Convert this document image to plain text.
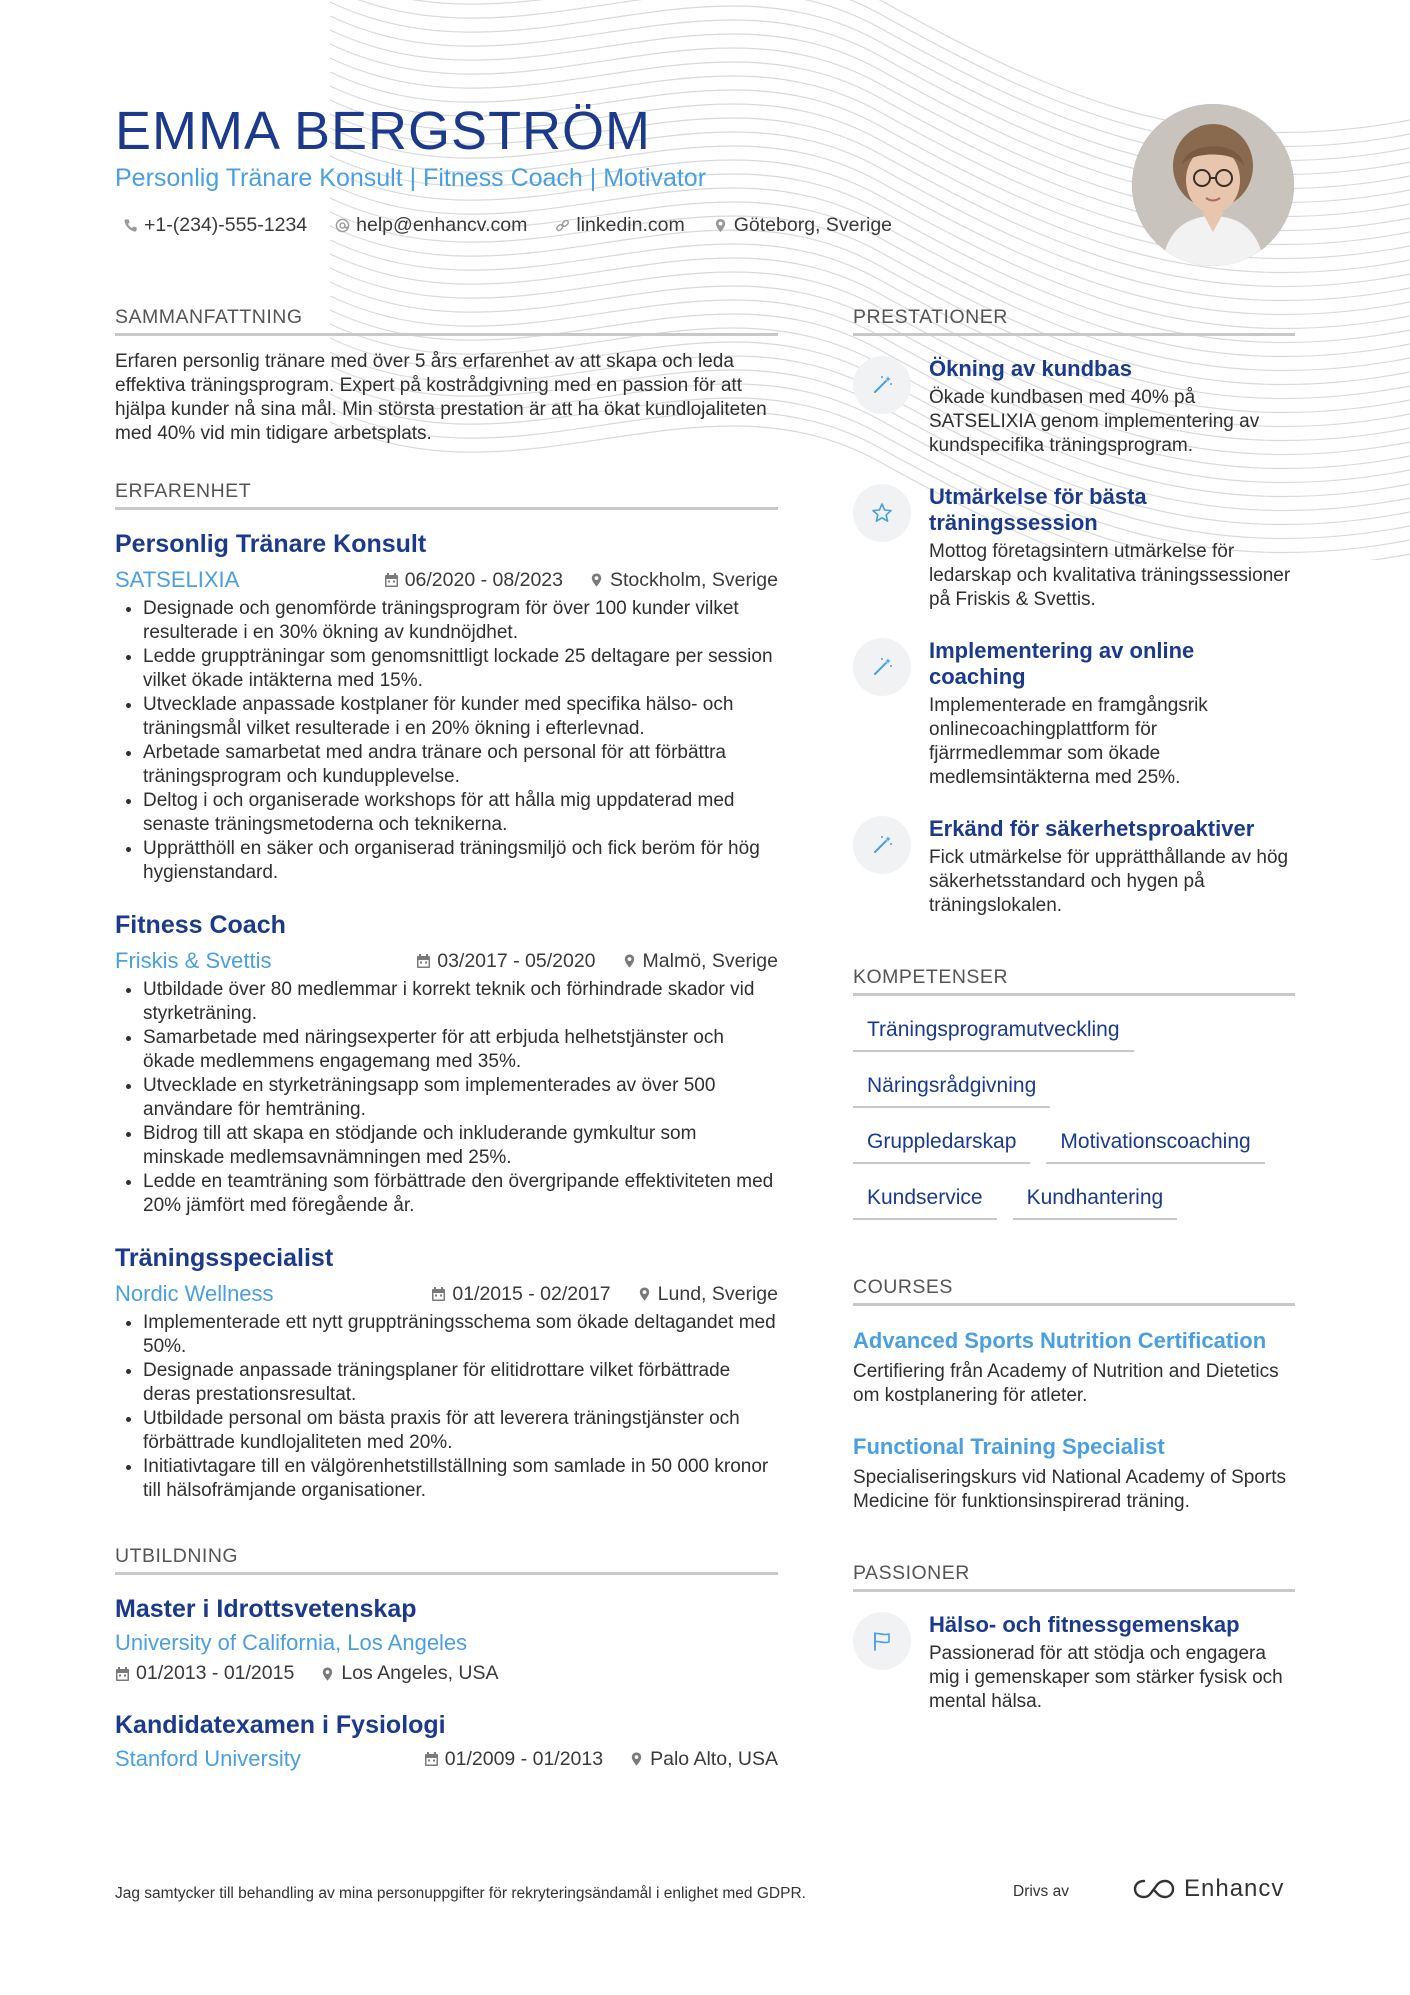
EMMA BERGSTRÖM
Personlig Tränare Konsult | Fitness Coach | Motivator
+1-(234)-555-1234	help@enhancv.com	linkedin.com	Göteborg, Sverige
SAMMANFATTNING

Erfaren personlig tränare med över 5 års erfarenhet av att skapa och leda effektiva träningsprogram. Expert på kostrådgivning med en passion för att hjälpa kunder nå sina mål. Min största prestation är att ha ökat kundlojaliteten med 40% vid min tidigare arbetsplats.

ERFARENHET
Personlig Tränare Konsult
SATSELIXIA	06/2020 - 08/2023 Stockholm, Sverige
• Designade och genomförde träningsprogram för över 100 kunder vilket resulterade i en 30% ökning av kundnöjdhet.
• Ledde gruppträningar som genomsnittligt lockade 25 deltagare per session vilket ökade intäkterna med 15%.
• Utvecklade anpassade kostplaner för kunder med specifika hälso- och träningsmål vilket resulterade i en 20% ökning i efterlevnad.
• Arbetade samarbetat med andra tränare och personal för att förbättra träningsprogram och kundupplevelse.
• Deltog i och organiserade workshops för att hålla mig uppdaterad med senaste träningsmetoderna och teknikerna.
• Upprätthöll en säker och organiserad träningsmiljö och fick beröm för hög hygienstandard.
Fitness Coach
Friskis & Svettis	03/2017 - 05/2020 Malmö, Sverige
• Utbildade över 80 medlemmar i korrekt teknik och förhindrade skador vid styrketräning.
• Samarbetade med näringsexperter för att erbjuda helhetstjänster och ökade medlemmens engagemang med 35%.
• Utvecklade en styrketräningsapp som implementerades av över 500 användare för hemträning.
• Bidrog till att skapa en stödjande och inkluderande gymkultur som minskade medlemsavnämningen med 25%.
• Ledde en teamträning som förbättrade den övergripande effektiviteten med 20% jämfört med föregående år.
Träningsspecialist
Nordic Wellness	01/2015 - 02/2017 Lund, Sverige
• Implementerade ett nytt gruppträningsschema som ökade deltagandet med 50%.
• Designade anpassade träningsplaner för elitidrottare vilket förbättrade deras prestationsresultat.
• Utbildade personal om bästa praxis för att leverera träningstjänster och förbättrade kundlojaliteten med 20%.
• Initiativtagare till en välgörenhetstillställning som samlade in 50 000 kronor till hälsofrämjande organisationer.
UTBILDNING
Master i Idrottsvetenskap
University of California, Los Angeles
01/2013 - 01/2015 Los Angeles, USA
Kandidatexamen i Fysiologi
Stanford University	01/2009 - 01/2013 Palo Alto, USA
PRESTATIONER
Ökning av kundbas

Ökade kundbasen med 40% på SATSELIXIA genom implementering av kundspecifika träningsprogram.

Utmärkelse för bästa träningssession

Mottog företagsintern utmärkelse för ledarskap och kvalitativa träningssessioner på Friskis & Svettis.

Implementering av online coaching

Implementerade en framgångsrik onlinecoachingplattform för fjärrmedlemmar som ökade medlemsintäkterna med 25%.

Erkänd för säkerhetsproaktiver

Fick utmärkelse för upprätthållande av hög säkerhetsstandard och hygen på träningslokalen.

KOMPETENSER
Träningsprogramutveckling
Näringsrådgivning
Gruppledarskap	Motivationscoaching
Kundservice	Kundhantering
COURSES
Advanced Sports Nutrition Certification

Certifiering från Academy of Nutrition and Dietetics om kostplanering för atleter.

Functional Training Specialist

Specialiseringskurs vid National Academy of Sports Medicine för funktionsinspirerad träning.

PASSIONER
Hälso- och fitnessgemenskap

Passionerad för att stödja och engagera mig i gemenskaper som stärker fysisk och mental hälsa.

Jag samtycker till behandling av mina personuppgifter för rekryteringsändamål i enlighet med GDPR.	Drivs av	Enhancv
